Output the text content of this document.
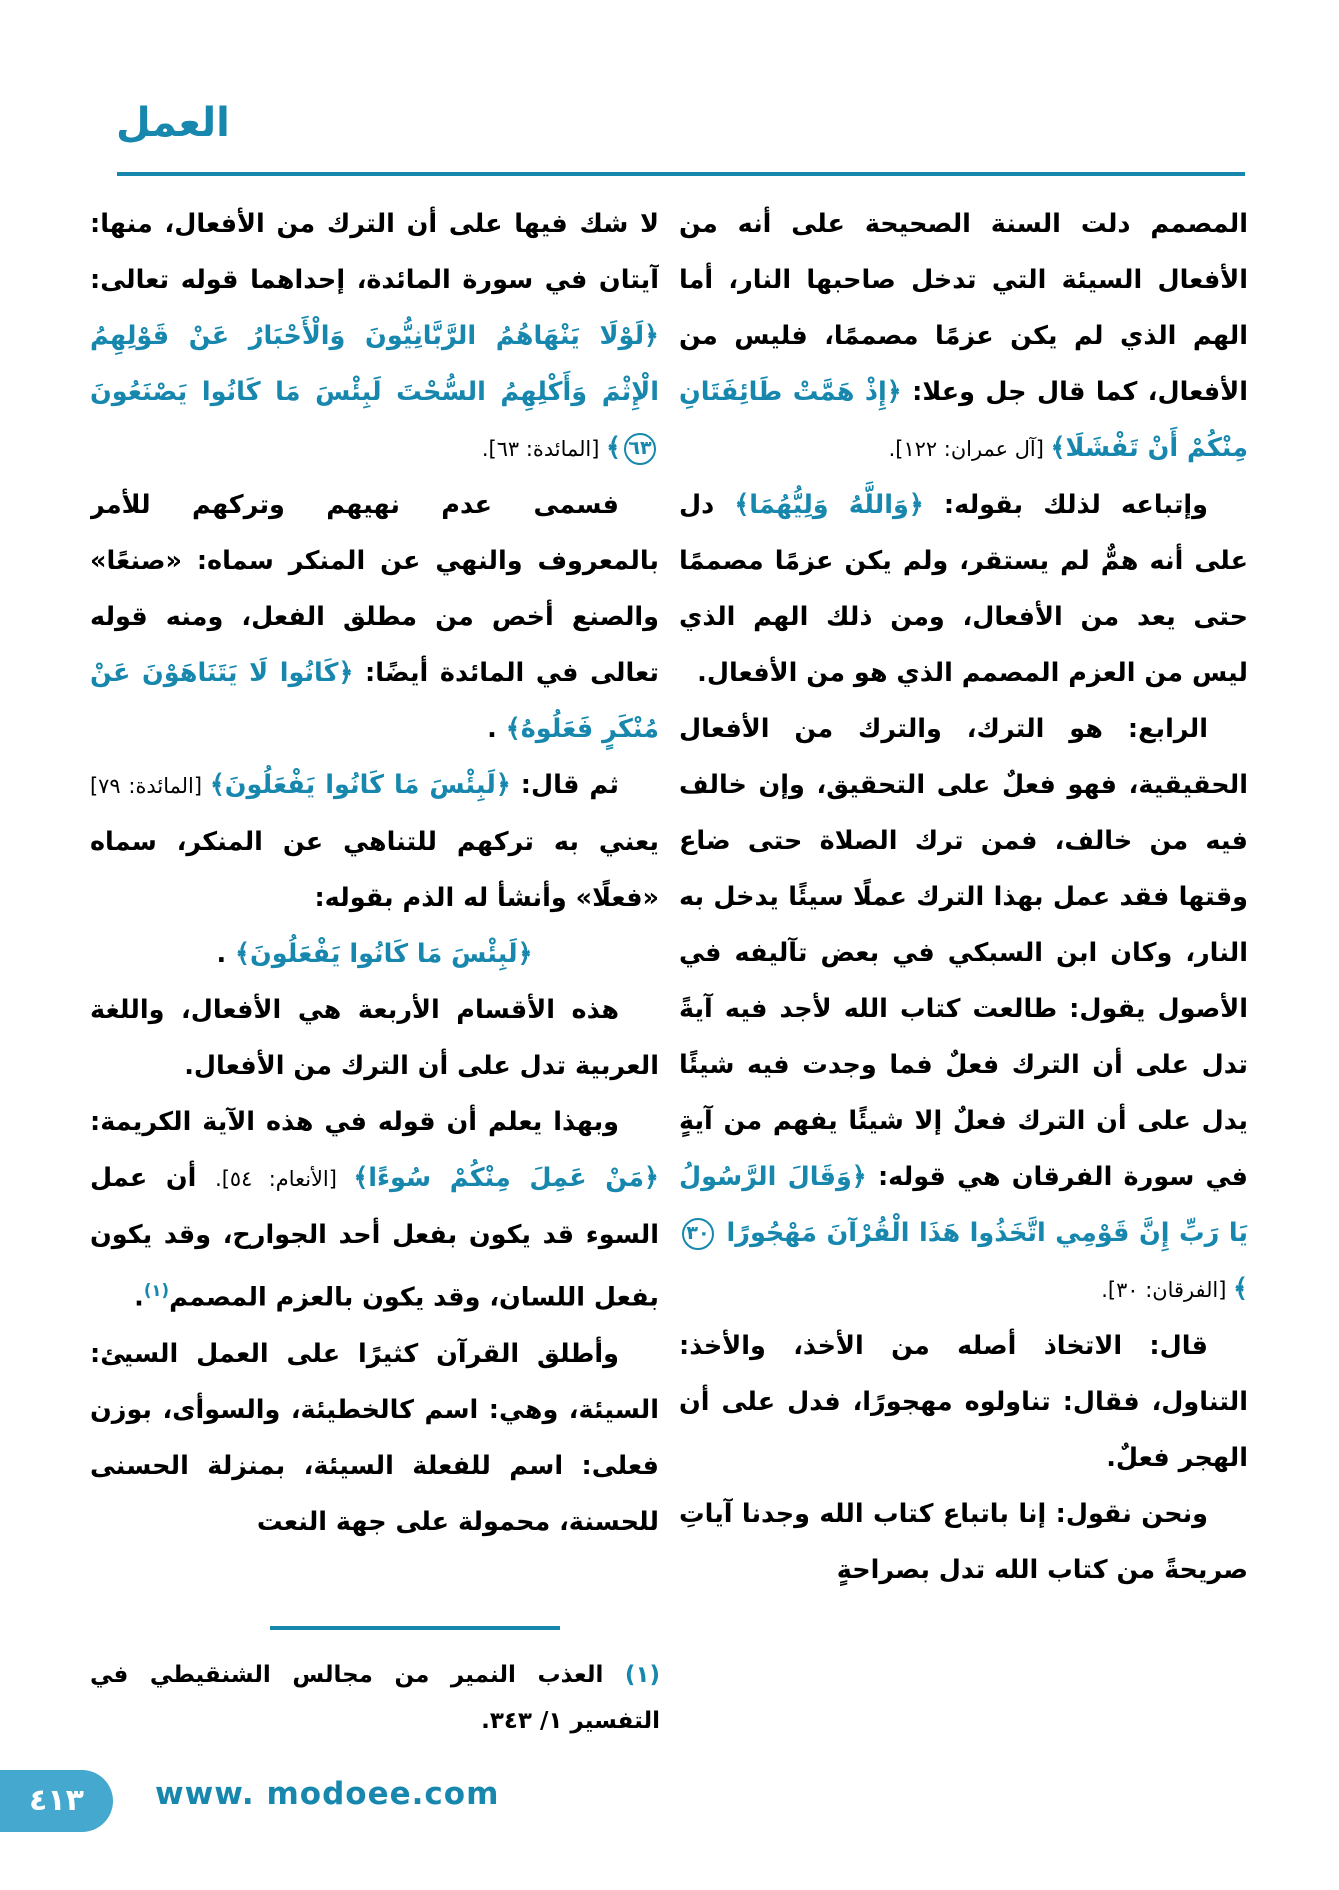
العمل

المصمم دلت السنة الصحيحة على أنه من الأفعال السيئة التي تدخل صاحبها النار، أما الهم الذي لم يكن عزمًا مصممًا، فليس من الأفعال، كما قال جل وعلا: ﴿إِذْ هَمَّتْ طَائِفَتَانِ مِنْكُمْ أَنْ تَفْشَلَا﴾ [آل عمران: ١٢٢].

وإتباعه لذلك بقوله: ﴿وَاللَّهُ وَلِيُّهُمَا﴾ دل على أنه همٌّ لم يستقر، ولم يكن عزمًا مصممًا حتى يعد من الأفعال، ومن ذلك الهم الذي ليس من العزم المصمم الذي هو من الأفعال.

الرابع: هو الترك، والترك من الأفعال الحقيقية، فهو فعلٌ على التحقيق، وإن خالف فيه من خالف، فمن ترك الصلاة حتى ضاع وقتها فقد عمل بهذا الترك عملًا سيئًا يدخل به النار، وكان ابن السبكي في بعض تآليفه في الأصول يقول: طالعت كتاب الله لأجد فيه آيةً تدل على أن الترك فعلٌ فما وجدت فيه شيئًا يدل على أن الترك فعلٌ إلا شيئًا يفهم من آيةٍ في سورة الفرقان هي قوله: ﴿وَقَالَ الرَّسُولُ يَا رَبِّ إِنَّ قَوْمِي اتَّخَذُوا هَذَا الْقُرْآنَ مَهْجُورًا ٣٠﴾ [الفرقان: ٣٠].

قال: الاتخاذ أصله من الأخذ، والأخذ: التناول، فقال: تناولوه مهجورًا، فدل على أن الهجر فعلٌ.

ونحن نقول: إنا باتباع كتاب الله وجدنا آياتِ صريحةً من كتاب الله تدل بصراحةٍ

لا شك فيها على أن الترك من الأفعال، منها: آيتان في سورة المائدة، إحداهما قوله تعالى: ﴿لَوْلَا يَنْهَاهُمُ الرَّبَّانِيُّونَ وَالْأَحْبَارُ عَنْ قَوْلِهِمُ الْإِثْمَ وَأَكْلِهِمُ السُّحْتَ لَبِئْسَ مَا كَانُوا يَصْنَعُونَ ٦٣﴾ [المائدة: ٦٣].

فسمى عدم نهيهم وتركهم للأمر بالمعروف والنهي عن المنكر سماه: «صنعًا» والصنع أخص من مطلق الفعل، ومنه قوله تعالى في المائدة أيضًا: ﴿كَانُوا لَا يَتَنَاهَوْنَ عَنْ مُنْكَرٍ فَعَلُوهُ﴾ .

ثم قال: ﴿لَبِئْسَ مَا كَانُوا يَفْعَلُونَ﴾ [المائدة: ٧٩] يعني به تركهم للتناهي عن المنكر، سماه «فعلًا» وأنشأ له الذم بقوله:

﴿لَبِئْسَ مَا كَانُوا يَفْعَلُونَ﴾ .

هذه الأقسام الأربعة هي الأفعال، واللغة العربية تدل على أن الترك من الأفعال.

وبهذا يعلم أن قوله في هذه الآية الكريمة: ﴿مَنْ عَمِلَ مِنْكُمْ سُوءًا﴾ [الأنعام: ٥٤]. أن عمل السوء قد يكون بفعل أحد الجوارح، وقد يكون بفعل اللسان، وقد يكون بالعزم المصمم$^{(١)}$.

وأطلق القرآن كثيرًا على العمل السيئ: السيئة، وهي: اسم كالخطيئة، والسوأى، بوزن فعلى: اسم للفعلة السيئة، بمنزلة الحسنى للحسنة، محمولة على جهة النعت

(١) العذب النمير من مجالس الشنقيطي في التفسير ١/ ٣٤٣.
٤١٣	www. modoee.com
